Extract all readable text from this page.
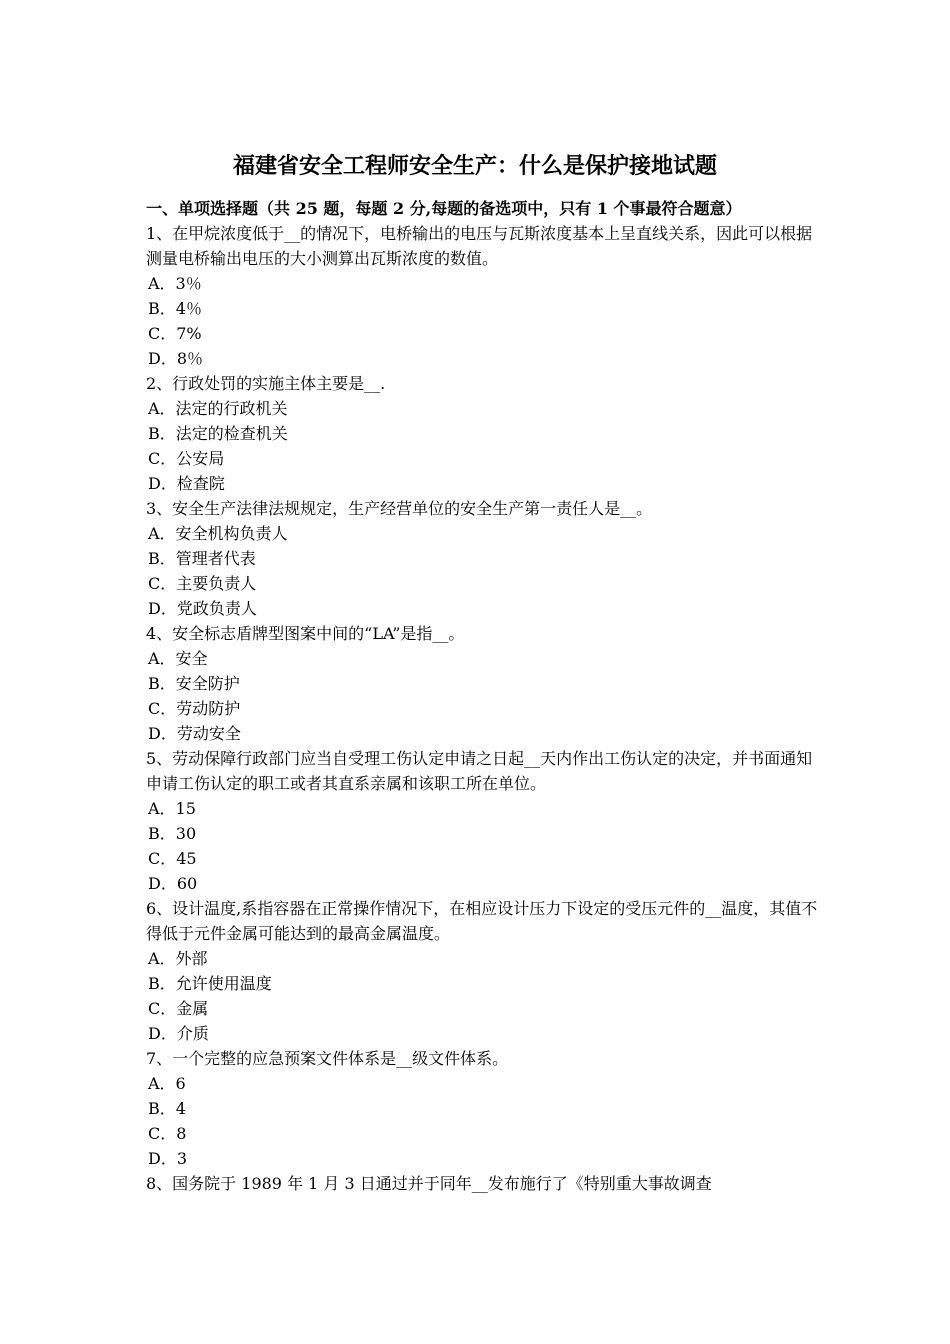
福建省安全工程师安全生产：什么是保护接地试题
一、单项选择题（共 25 题，每题 2 分,每题的备选项中，只有 1 个事最符合题意）
1、在甲烷浓度低于__的情况下，电桥输出的电压与瓦斯浓度基本上呈直线关系，因此可以根据测量电桥输出电压的大小测算出瓦斯浓度的数值。
A．3％
B．4％
C．7%
D．8％
2、行政处罚的实施主体主要是__.
A．法定的行政机关
B．法定的检查机关
C．公安局
D．检查院
3、安全生产法律法规规定，生产经营单位的安全生产第一责任人是__。
A．安全机构负责人
B．管理者代表
C．主要负责人
D．党政负责人
4、安全标志盾牌型图案中间的“LA”是指__。
A．安全
B．安全防护
C．劳动防护
D．劳动安全
5、劳动保障行政部门应当自受理工伤认定申请之日起__天内作出工伤认定的决定，并书面通知申请工伤认定的职工或者其直系亲属和该职工所在单位。
A．15
B．30
C．45
D．60
6、设计温度,系指容器在正常操作情况下，在相应设计压力下设定的受压元件的__温度，其值不得低于元件金属可能达到的最高金属温度。
A．外部
B．允许使用温度
C．金属
D．介质
7、一个完整的应急预案文件体系是__级文件体系。
A．6
B．4
C．8
D．3
8、国务院于 1989 年 1 月 3 日通过并于同年__发布施行了《特别重大事故调查
